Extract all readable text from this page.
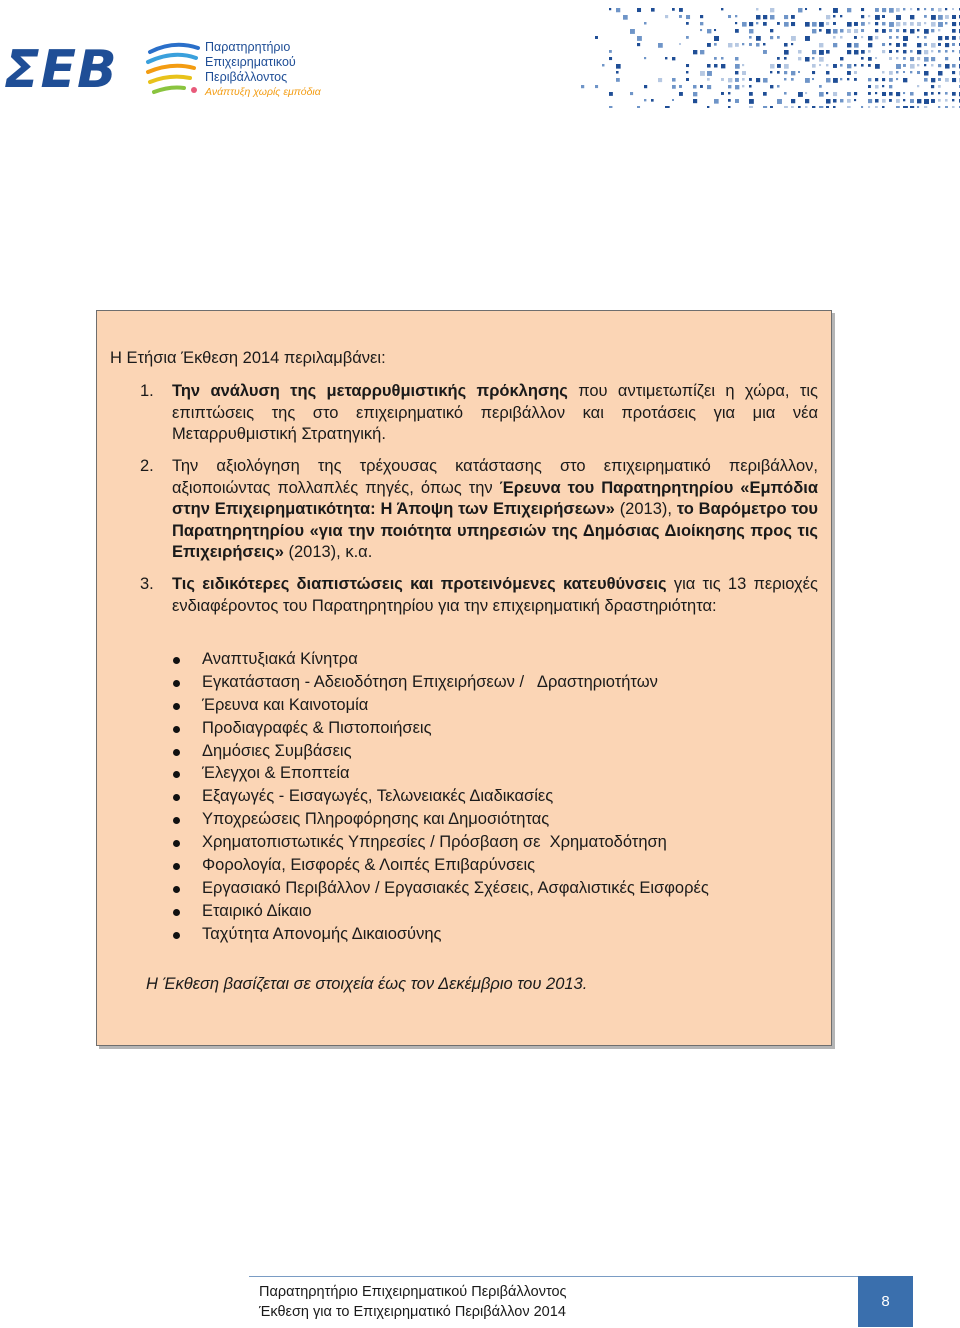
ΣΕΒ	Παρατηρητήριο
Επιχειρηματικού
Περιβάλλοντος
Ανάπτυξη χωρίς εμπόδια
Η Ετήσια Έκθεση 2014 περιλαμβάνει:
1. Την ανάλυση της μεταρρυθμιστικής πρόκλησης που αντιμετωπίζει η χώρα, τις επιπτώσεις της στο επιχειρηματικό περιβάλλον και προτάσεις για μια νέα Μεταρρυθμιστική Στρατηγική.
2. Την αξιολόγηση της τρέχουσας κατάστασης στο επιχειρηματικό περιβάλλον, αξιοποιώντας πολλαπλές πηγές, όπως την Έρευνα του Παρατηρητηρίου «Εμπόδια στην Επιχειρηματικότητα: Η Άποψη των Επιχειρήσεων» (2013), το Βαρόμετρο του Παρατηρητηρίου «για την ποιότητα υπηρεσιών της Δημόσιας Διοίκησης προς τις Επιχειρήσεις» (2013), κ.α.
3. Τις ειδικότερες διαπιστώσεις και προτεινόμενες κατευθύνσεις για τις 13 περιοχές ενδιαφέροντος του Παρατηρητηρίου για την επιχειρηματική δραστηριότητα:
Αναπτυξιακά Κίνητρα
Εγκατάσταση - Αδειοδότηση Επιχειρήσεων /   Δραστηριοτήτων
Έρευνα και Καινοτομία
Προδιαγραφές & Πιστοποιήσεις
Δημόσιες Συμβάσεις
Έλεγχοι & Εποπτεία
Εξαγωγές - Εισαγωγές, Τελωνειακές Διαδικασίες
Υποχρεώσεις Πληροφόρησης και Δημοσιότητας
Χρηματοπιστωτικές Υπηρεσίες / Πρόσβαση σε  Χρηματοδότηση
Φορολογία, Εισφορές & Λοιπές Επιβαρύνσεις
Εργασιακό Περιβάλλον / Εργασιακές Σχέσεις, Ασφαλιστικές Εισφορές
Εταιρικό Δίκαιο
Ταχύτητα Απονομής Δικαιοσύνης
Η Έκθεση βασίζεται σε στοιχεία έως τον Δεκέμβριο του 2013.
Παρατηρητήριο Επιχειρηματικού Περιβάλλοντος
Έκθεση για το Επιχειρηματικό Περιβάλλον 2014
8
